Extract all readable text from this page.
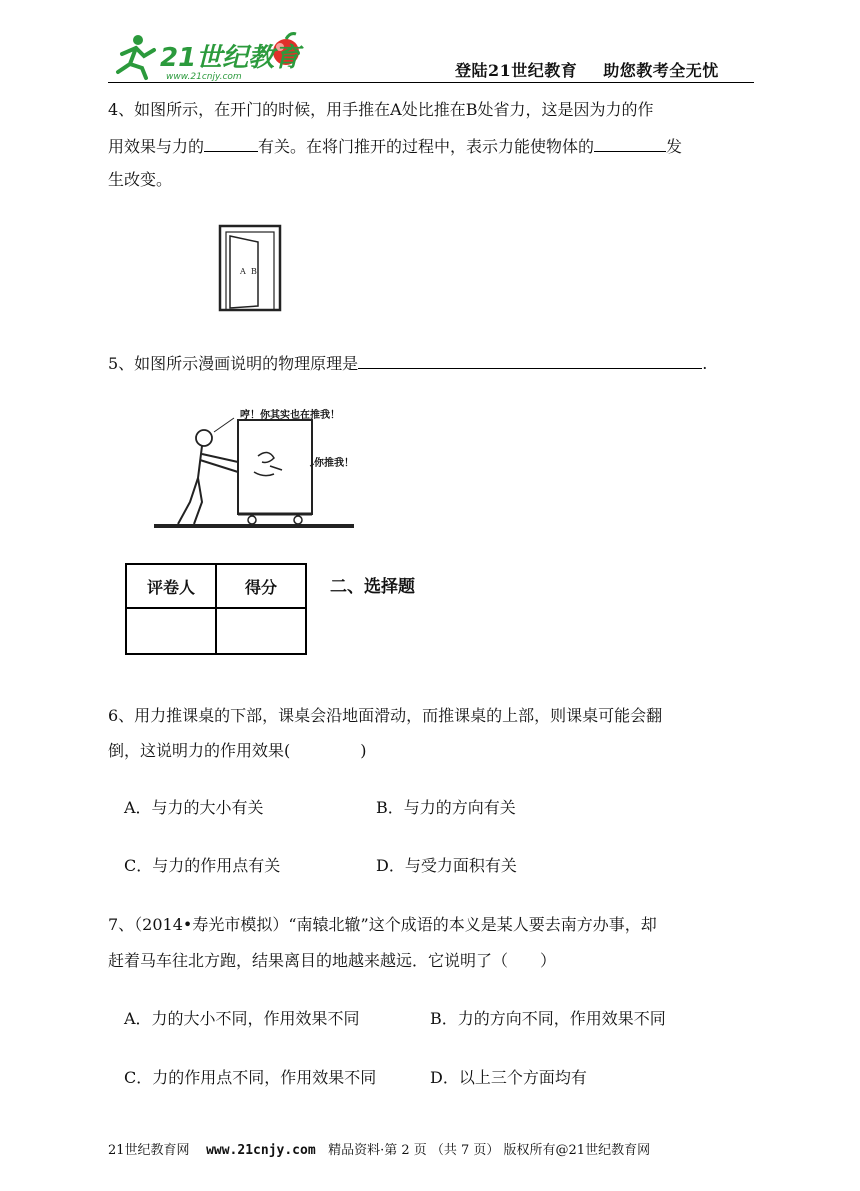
21世纪教育
www.21cnjy.com	登陆21世纪教育 助您教考全无忧
4、如图所示，在开门的时候，用手推在A处比推在B处省力，这是因为力的作
用效果与力的	有关。在将门推开的过程中，表示力能使物体的	发
生改变。
A B
5、如图所示漫画说明的物理原理是	.
哼！你其实也在推我！
你推我！
评卷人	得分
		二、选择题
6、用力推课桌的下部，课桌会沿地面滑动，而推课桌的上部，则课桌可能会翻
倒，这说明力的作用效果(	)
A．与力的大小有关	B．与力的方向有关
C．与力的作用点有关	D．与受力面积有关
7、（2014•寿光市模拟）“南辕北辙”这个成语的本义是某人要去南方办事，却
赶着马车往北方跑，结果离目的地越来越远．它说明了（　　）
A．力的大小不同，作用效果不同	B．力的方向不同，作用效果不同
C．力的作用点不同，作用效果不同	D．以上三个方面均有
21世纪教育网 www.21cnjy.com 精品资料·第 2 页 （共 7 页） 版权所有@21世纪教育网
